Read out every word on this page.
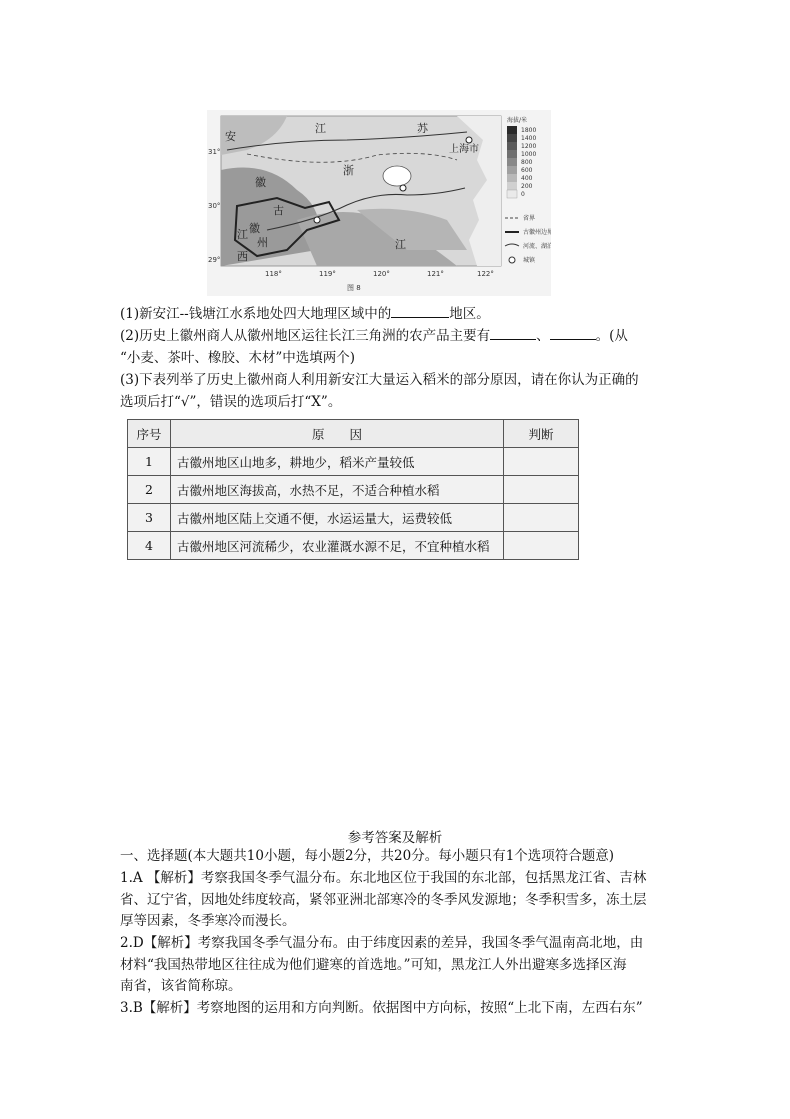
安
江	苏
上海市
浙
徽
古
徽
州
江
西
江
31°
30°
29°
118°	119°	120°	121°	122°
图 8
海拔/米
1800
1400
1200
1000
800
600
400
200
0
省界
古徽州边界
河流、湖泊
城镇
(1)新安江--钱塘江水系地处四大地理区域中的	地区。
(2)历史上徽州商人从徽州地区运往长江三角洲的农产品主要有	、	。(从
“小麦、茶叶、橡胶、木材”中选填两个)
(3)下表列举了历史上徽州商人利用新安江大量运入稻米的部分原因，请在你认为正确的
选项后打“√”，错误的选项后打“X”。
序号	原　　因	判断
1	古徽州地区山地多，耕地少，稻米产量较低	
2	古徽州地区海拔高，水热不足，不适合种植水稻	
3	古徽州地区陆上交通不便，水运运量大，运费较低	
4	古徽州地区河流稀少，农业灌溉水源不足，不宜种植水稻	
参考答案及解析
一、选择题(本大题共10小题，每小题2分，共20分。每小题只有1个选项符合题意)
1.A 【解析】考察我国冬季气温分布。东北地区位于我国的东北部，包括黑龙江省、吉林
省、辽宁省，因地处纬度较高，紧邻亚洲北部寒冷的冬季风发源地；冬季积雪多，冻土层
厚等因素，冬季寒冷而漫长。
2.D【解析】考察我国冬季气温分布。由于纬度因素的差异，我国冬季气温南高北地，由
材料“我国热带地区往往成为他们避寒的首选地。”可知，黑龙江人外出避寒多选择区海
南省，该省简称琼。
3.B【解析】考察地图的运用和方向判断。依据图中方向标，按照“上北下南，左西右东”
